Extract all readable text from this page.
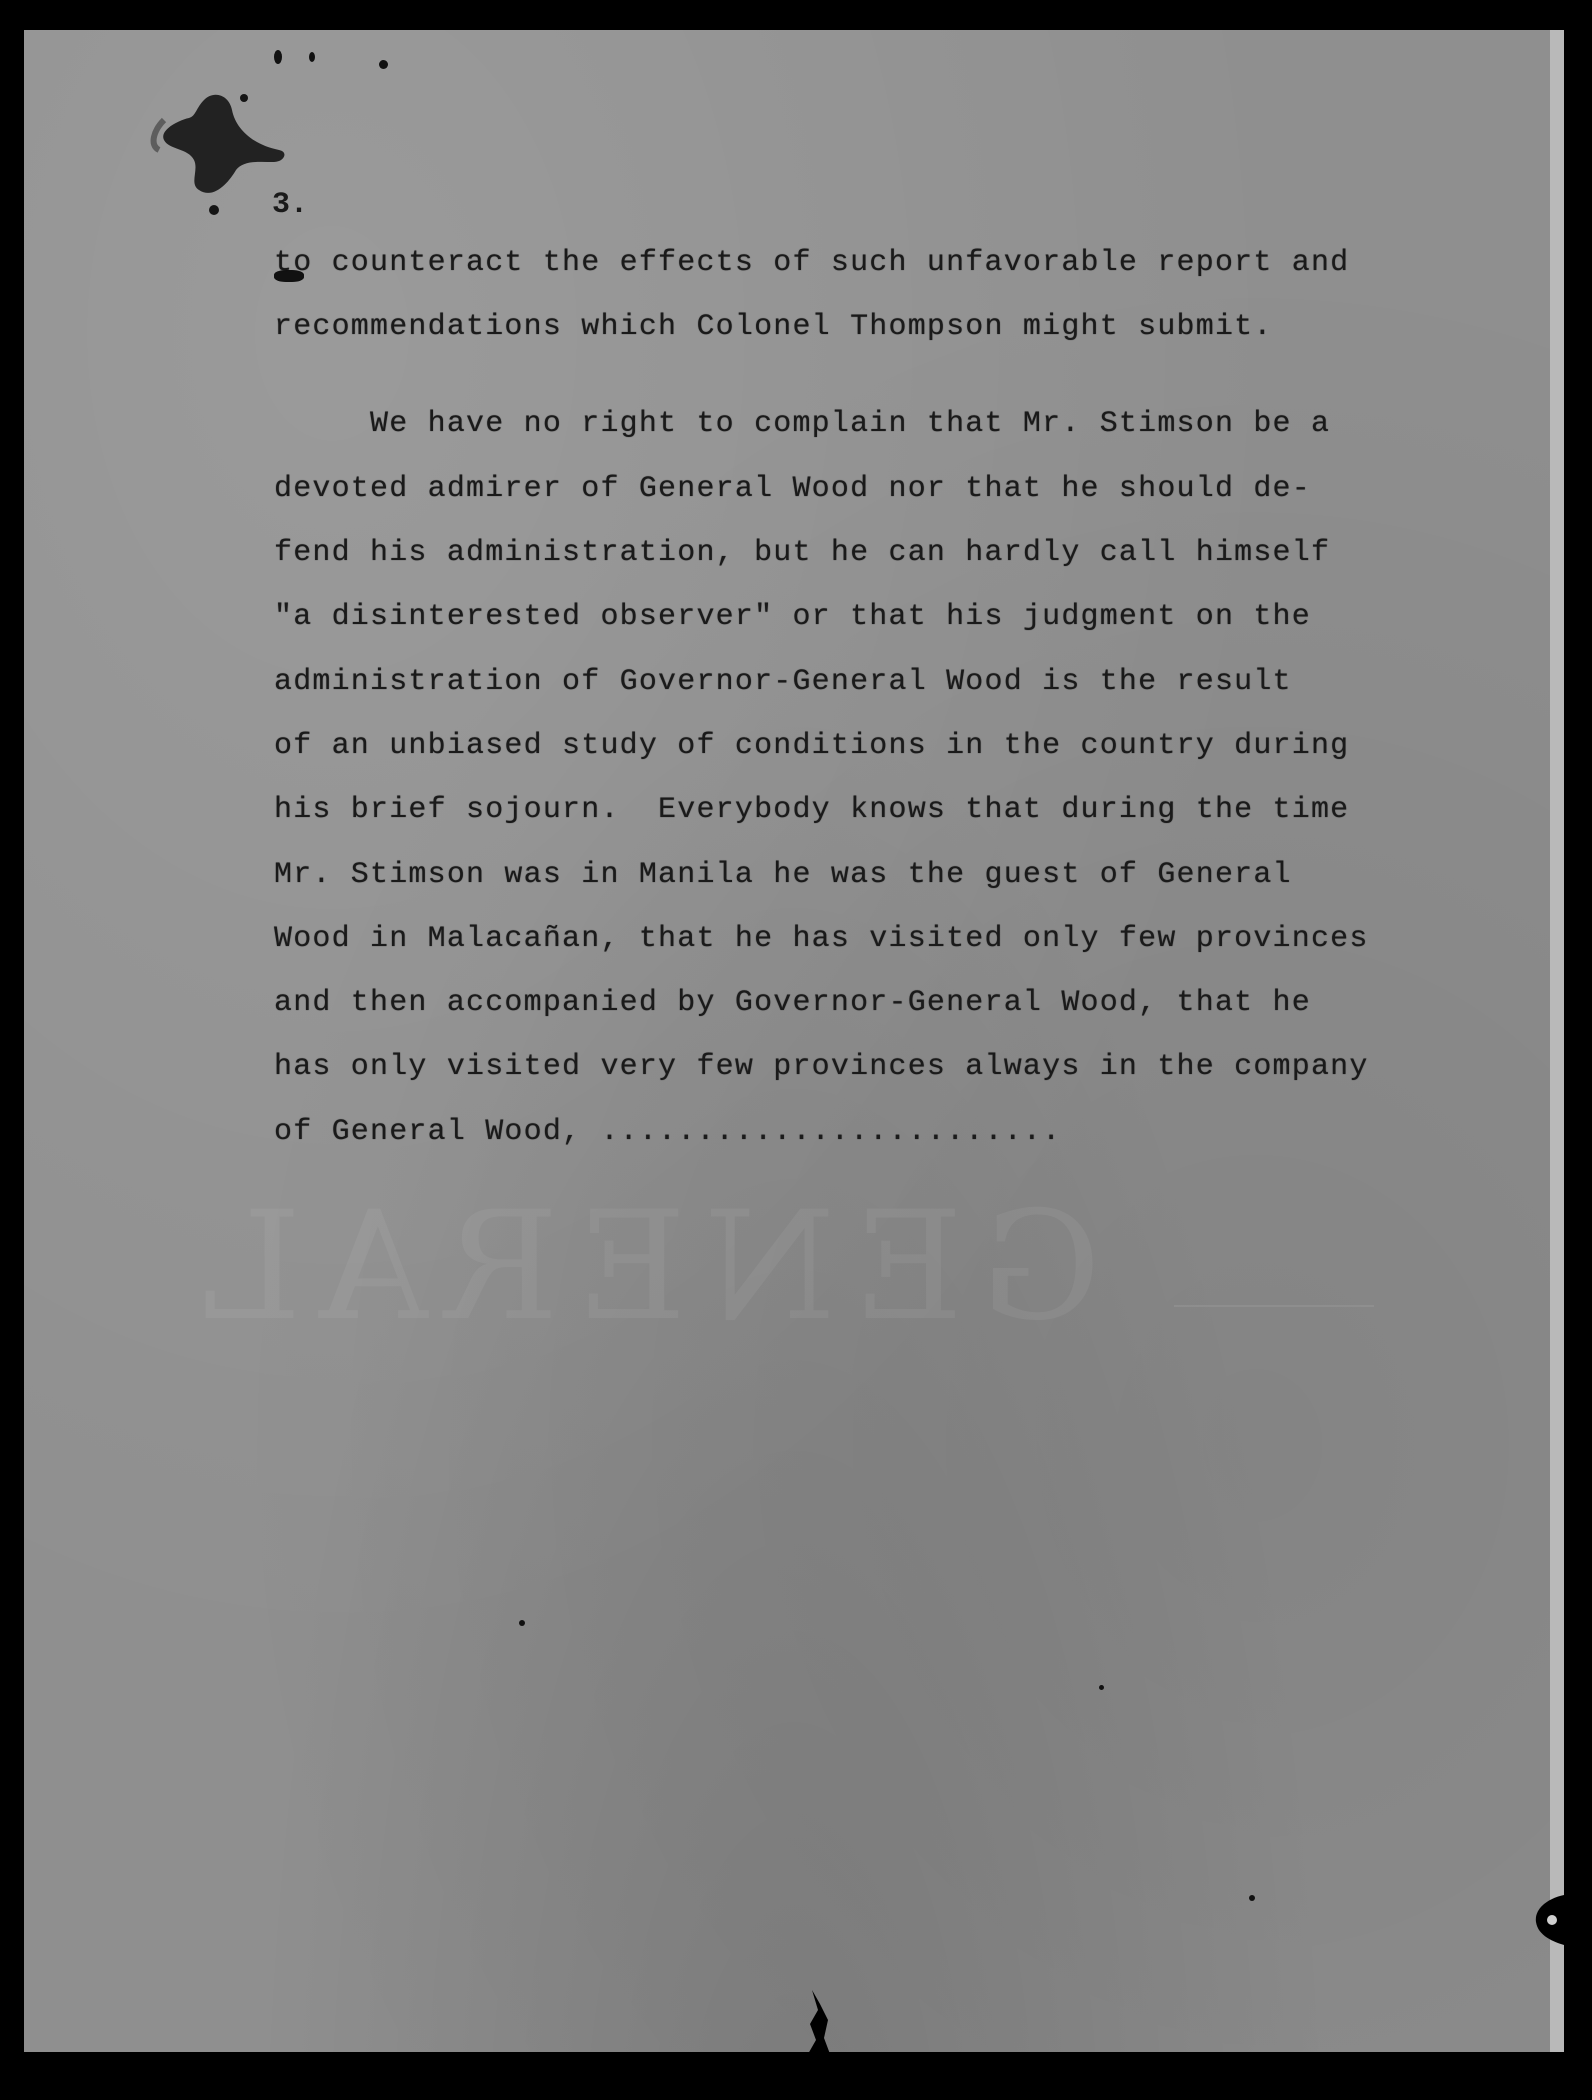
GENERAL
3.
to counteract the effects of such unfavorable report and
recommendations which Colonel Thompson might submit.
We have no right to complain that Mr. Stimson be a
devoted admirer of General Wood nor that he should de-
fend his administration, but he can hardly call himself
"a disinterested observer" or that his judgment on the
administration of Governor-General Wood is the result
of an unbiased study of conditions in the country during
his brief sojourn.  Everybody knows that during the time
Mr. Stimson was in Manila he was the guest of General
Wood in Malacañan, that he has visited only few provinces
and then accompanied by Governor-General Wood, that he
has only visited very few provinces always in the company
of General Wood, ........................
